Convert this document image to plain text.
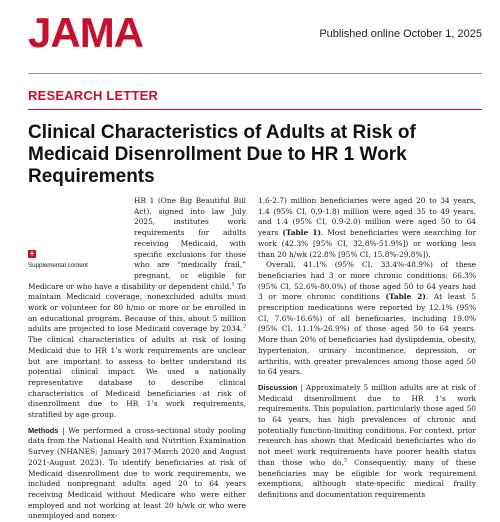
JAMA	Published online October 1, 2025
RESEARCH LETTER
Clinical Characteristics of Adults at Risk of Medicaid Disenrollment Due to HR 1 Work Requirements

+
Supplemental content
HR 1 (One Big Beautiful Bill Act), signed into law July 2025, institutes work requirements for adults receiving Medicaid, with specific exclusions for those who are “medically frail,” pregnant, or eligible for Medicare or who have a disability or dependent child.$^1$ To maintain Medicaid coverage, nonexcluded adults must work or volunteer for 80 h/mo or more or be enrolled in an educational program. Because of this, about 5 million adults are projected to lose Medicaid coverage by 2034.$^2$ The clinical characteristics of adults at risk of losing Medicaid due to HR 1’s work requirements are unclear but are important to assess to better understand its potential clinical impact. We used a nationally representative database to describe clinical characteristics of Medicaid beneficiaries at risk of disenrollment due to HR 1’s work requirements, stratified by age group.

Methods | We performed a cross-sectional study pooling data from the National Health and Nutrition Examination Survey (NHANES; January 2017-March 2020 and August 2021-August 2023). To identify beneficiaries at risk of Medicaid disenrollment due to work requirements, we included nonpregnant adults aged 20 to 64 years receiving Medicaid without Medicare who were either employed and not working at least 20 h/wk or who were unemployed and nonex-

1.6-2.7) million beneficiaries were aged 20 to 34 years, 1.4 (95% CI, 0.9-1.8) million were aged 35 to 49 years, and 1.4 (95% CI, 0.9-2.0) million were aged 50 to 64 years (Table 1). Most beneficiaries were searching for work (42.3% [95% CI, 32.8%-51.9%]) or working less than 20 h/wk (22.8% [95% CI, 15.8%-29.8%]).

Overall, 41.1% (95% CI, 33.4%-48.9%) of these beneficiaries had 3 or more chronic conditions; 66.3% (95% CI, 52.6%-80.0%) of those aged 50 to 64 years had 3 or more chronic conditions (Table 2). At least 5 prescription medications were reported by 12.1% (95% CI, 7.6%-16.6%) of all beneficiaries, including 19.0% (95% CI, 11.1%-26.9%) of those aged 50 to 64 years. More than 20% of beneficiaries had dyslipidemia, obesity, hypertension, urinary incontinence, depression, or arthritis, with greater prevalences among those aged 50 to 64 years.

Discussion | Approximately 5 million adults are at risk of Medicaid disenrollment due to HR 1’s work requirements. This population, particularly those aged 50 to 64 years, has high prevalences of chronic and potentially function-limiting conditions. For context, prior research has shown that Medicaid beneficiaries who do not meet work requirements have poorer health status than those who do.$^3$ Consequently, many of these beneficiaries may be eligible for work requirement exemptions, although state-specific medical frailty definitions and documentation requirements
